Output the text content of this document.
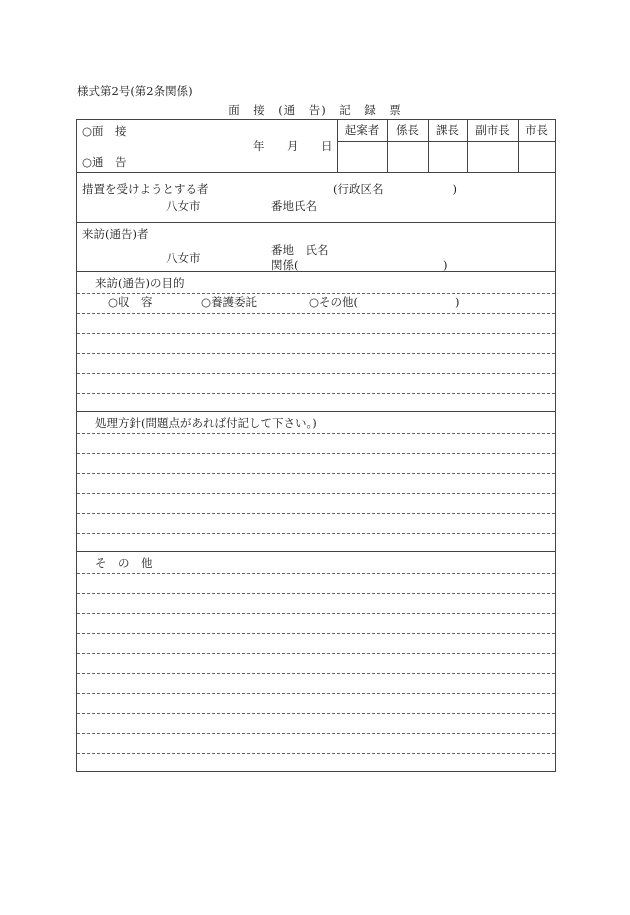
様式第2号(第2条関係)
面　接　(通　告)　記　録　票
○面　接
○通　告
年 月 日
起案者	係長	課長	副市長	市長
措置を受けようとする者	(行政区名　　　　　　)
八女市	番地氏名
来訪(通告)者
八女市
番地　氏名
関係(	)
来訪(通告)の目的
○収　容	○養護委託	○その他(	)
処理方針(問題点があれば付記して下さい。)
そ　の　他
